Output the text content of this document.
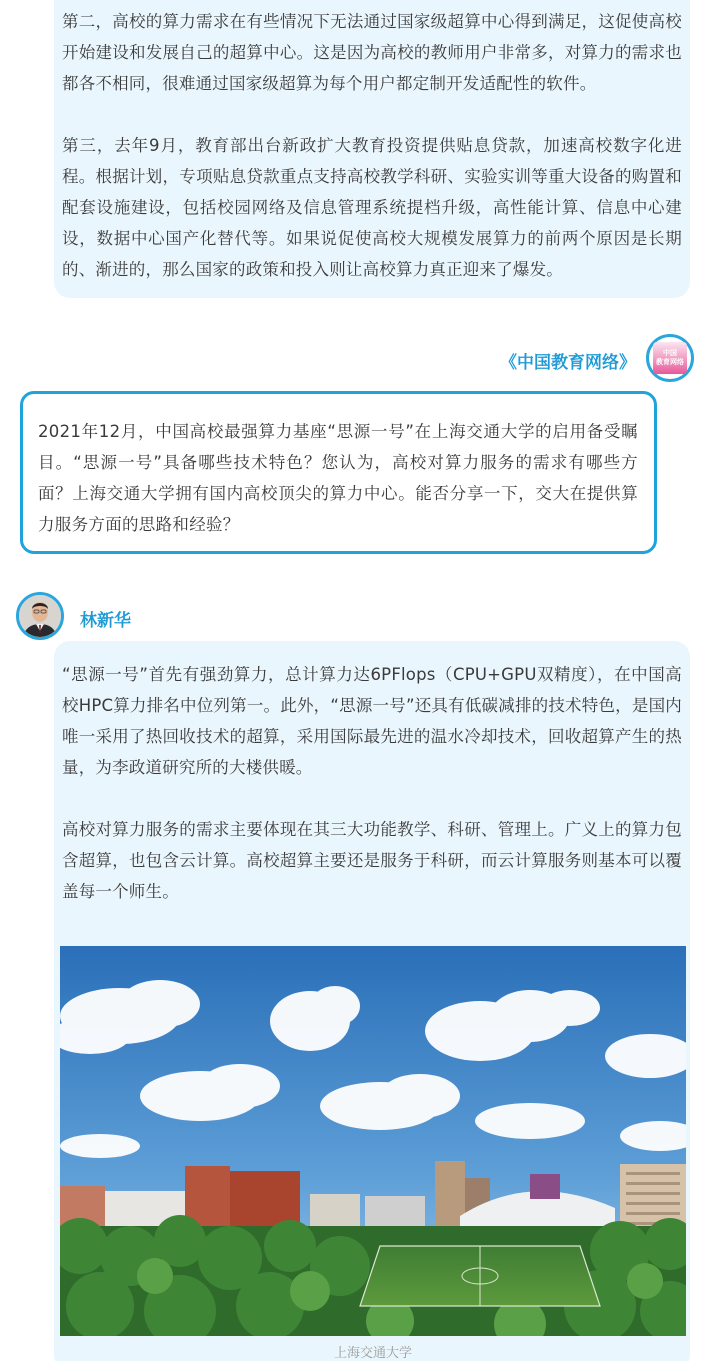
第二，高校的算力需求在有些情况下无法通过国家级超算中心得到满足，这促使高校开始建设和发展自己的超算中心。这是因为高校的教师用户非常多，对算力的需求也都各不相同，很难通过国家级超算为每个用户都定制开发适配性的软件。

第三，去年9月，教育部出台新政扩大教育投资提供贴息贷款，加速高校数字化进程。根据计划，专项贴息贷款重点支持高校教学科研、实验实训等重大设备的购置和配套设施建设，包括校园网络及信息管理系统提档升级，高性能计算、信息中心建设，数据中心国产化替代等。如果说促使高校大规模发展算力的前两个原因是长期的、渐进的，那么国家的政策和投入则让高校算力真正迎来了爆发。

《中国教育网络》	中国
教育网络

2021年12月，中国高校最强算力基座“思源一号”在上海交通大学的启用备受瞩目。“思源一号”具备哪些技术特色？您认为，高校对算力服务的需求有哪些方面？上海交通大学拥有国内高校顶尖的算力中心。能否分享一下，交大在提供算力服务方面的思路和经验？

林新华

“思源一号”首先有强劲算力，总计算力达6PFlops（CPU+GPU双精度），在中国高校HPC算力排名中位列第一。此外，“思源一号”还具有低碳减排的技术特色，是国内唯一采用了热回收技术的超算，采用国际最先进的温水冷却技术，回收超算产生的热量，为李政道研究所的大楼供暖。

高校对算力服务的需求主要体现在其三大功能教学、科研、管理上。广义上的算力包含超算，也包含云计算。高校超算主要还是服务于科研，而云计算服务则基本可以覆盖每一个师生。

上海交通大学
